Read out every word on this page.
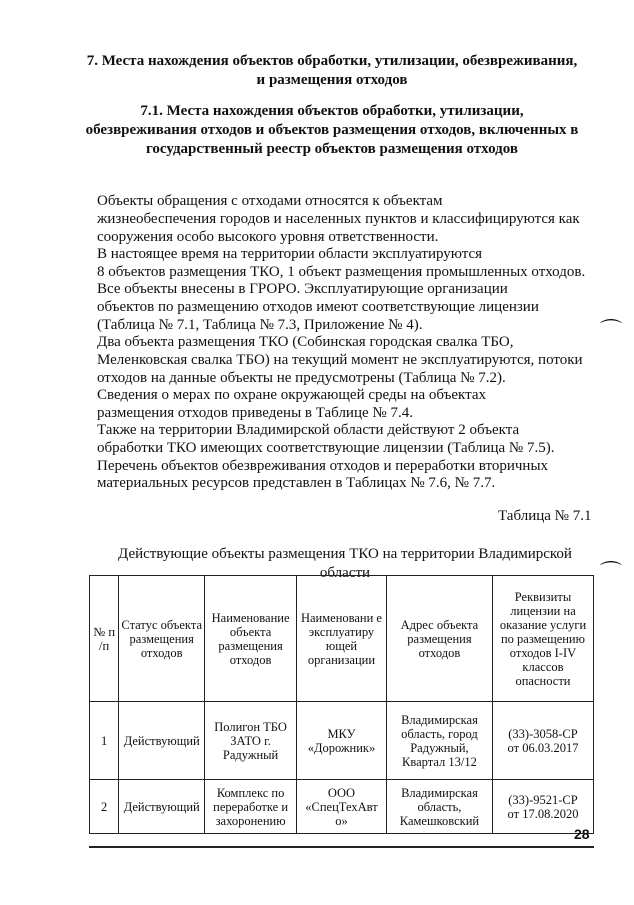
7. Места нахождения объектов обработки, утилизации, обезвреживания,
и размещения отходов
7.1. Места нахождения объектов обработки, утилизации,
обезвреживания отходов и объектов размещения отходов, включенных в
государственный реестр объектов размещения отходов
Объекты обращения с отходами относятся к объектам
жизнеобеспечения городов и населенных пунктов и классифицируются как
сооружения особо высокого уровня ответственности.
В настоящее время на территории области эксплуатируются
8 объектов размещения ТКО, 1 объект размещения промышленных отходов.
Все объекты внесены в ГРОРО. Эксплуатирующие организации
объектов по размещению отходов имеют соответствующие лицензии
(Таблица № 7.1, Таблица № 7.3, Приложение № 4).
Два объекта размещения ТКО (Собинская городская свалка ТБО,
Меленковская свалка ТБО) на текущий момент не эксплуатируются, потоки
отходов на данные объекты не предусмотрены (Таблица № 7.2).
Сведения о мерах по охране окружающей среды на объектах
размещения отходов приведены в Таблице № 7.4.
Также на территории Владимирской области действуют 2 объекта
обработки ТКО имеющих соответствующие лицензии (Таблица № 7.5).
Перечень объектов обезвреживания отходов и переработки вторичных
материальных ресурсов представлен в Таблицах № 7.6, № 7.7.
Таблица № 7.1
Действующие объекты размещения ТКО на территории Владимирской
области
№ п /п	Статус объекта размещения отходов	Наименование объекта размещения отходов	Наименовани е эксплуатиру ющей организации	Адрес объекта размещения отходов	Реквизиты лицензии на оказание услуги по размещению отходов I-IV классов опасности
1	Действующий	Полигон ТБО ЗАТО г. Радужный	МКУ «Дорожник»	Владимирская область, город Радужный, Квартал 13/12	(33)-3058-СР
от 06.03.2017

2	Действующий	Комплекс по переработке и захоронению	ООО «СпецТехАвт о»	Владимирская область, Камешковский	(33)-9521-СР
от 17.08.2020
28
⌒
⌒
